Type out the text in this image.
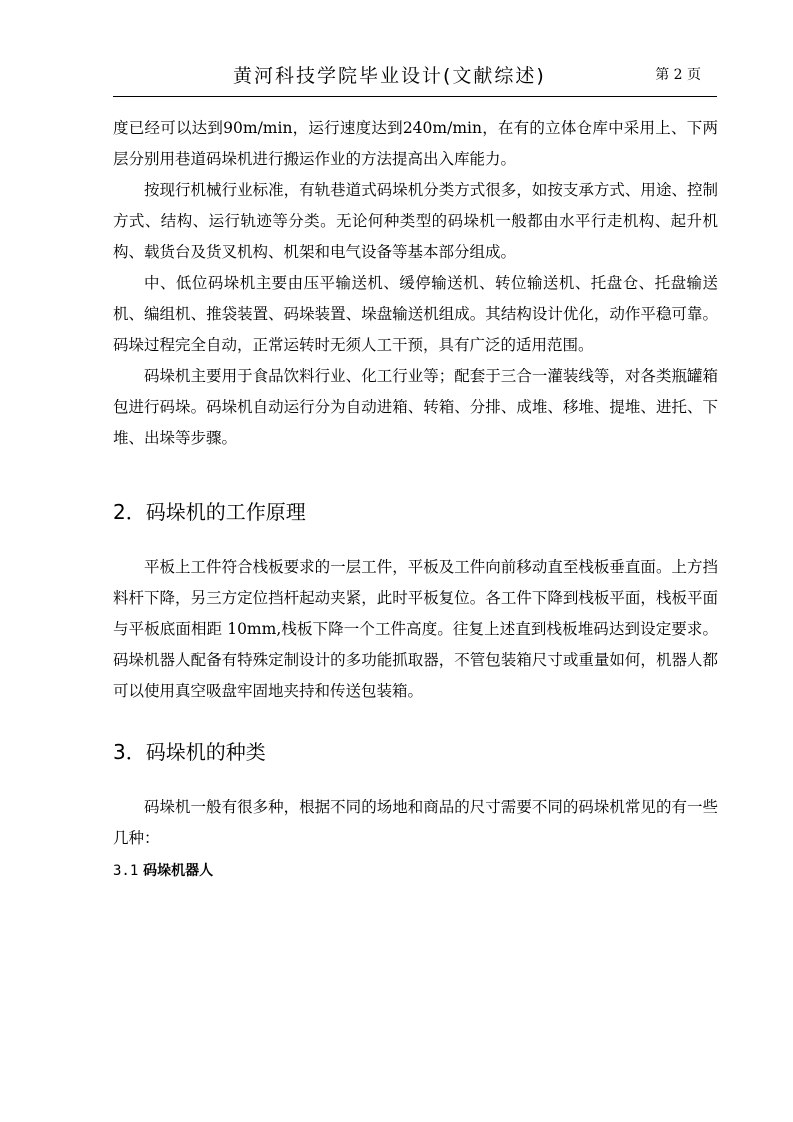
黄河科技学院毕业设计(文献综述)	第 2 页

度已经可以达到90m/min，运行速度达到240m/min，在有的立体仓库中采用上、下两层分别用巷道码垛机进行搬运作业的方法提高出入库能力。

按现行机械行业标准，有轨巷道式码垛机分类方式很多，如按支承方式、用途、控制方式、结构、运行轨迹等分类。无论何种类型的码垛机一般都由水平行走机构、起升机构、载货台及货叉机构、机架和电气设备等基本部分组成。

中、低位码垛机主要由压平输送机、缓停输送机、转位输送机、托盘仓、托盘输送机、编组机、推袋装置、码垛装置、垛盘输送机组成。其结构设计优化，动作平稳可靠。码垛过程完全自动，正常运转时无须人工干预，具有广泛的适用范围。

码垛机主要用于食品饮料行业、化工行业等；配套于三合一灌装线等，对各类瓶罐箱包进行码垛。码垛机自动运行分为自动进箱、转箱、分排、成堆、移堆、提堆、进托、下堆、出垛等步骤。

2．码垛机的工作原理

平板上工件符合栈板要求的一层工件，平板及工件向前移动直至栈板垂直面。上方挡料杆下降，另三方定位挡杆起动夹紧，此时平板复位。各工件下降到栈板平面，栈板平面与平板底面相距 10mm,栈板下降一个工件高度。往复上述直到栈板堆码达到设定要求。码垛机器人配备有特殊定制设计的多功能抓取器，不管包装箱尺寸或重量如何，机器人都可以使用真空吸盘牢固地夹持和传送包装箱。

3．码垛机的种类

码垛机一般有很多种，根据不同的场地和商品的尺寸需要不同的码垛机常见的有一些几种：

3.1 码垛机器人
